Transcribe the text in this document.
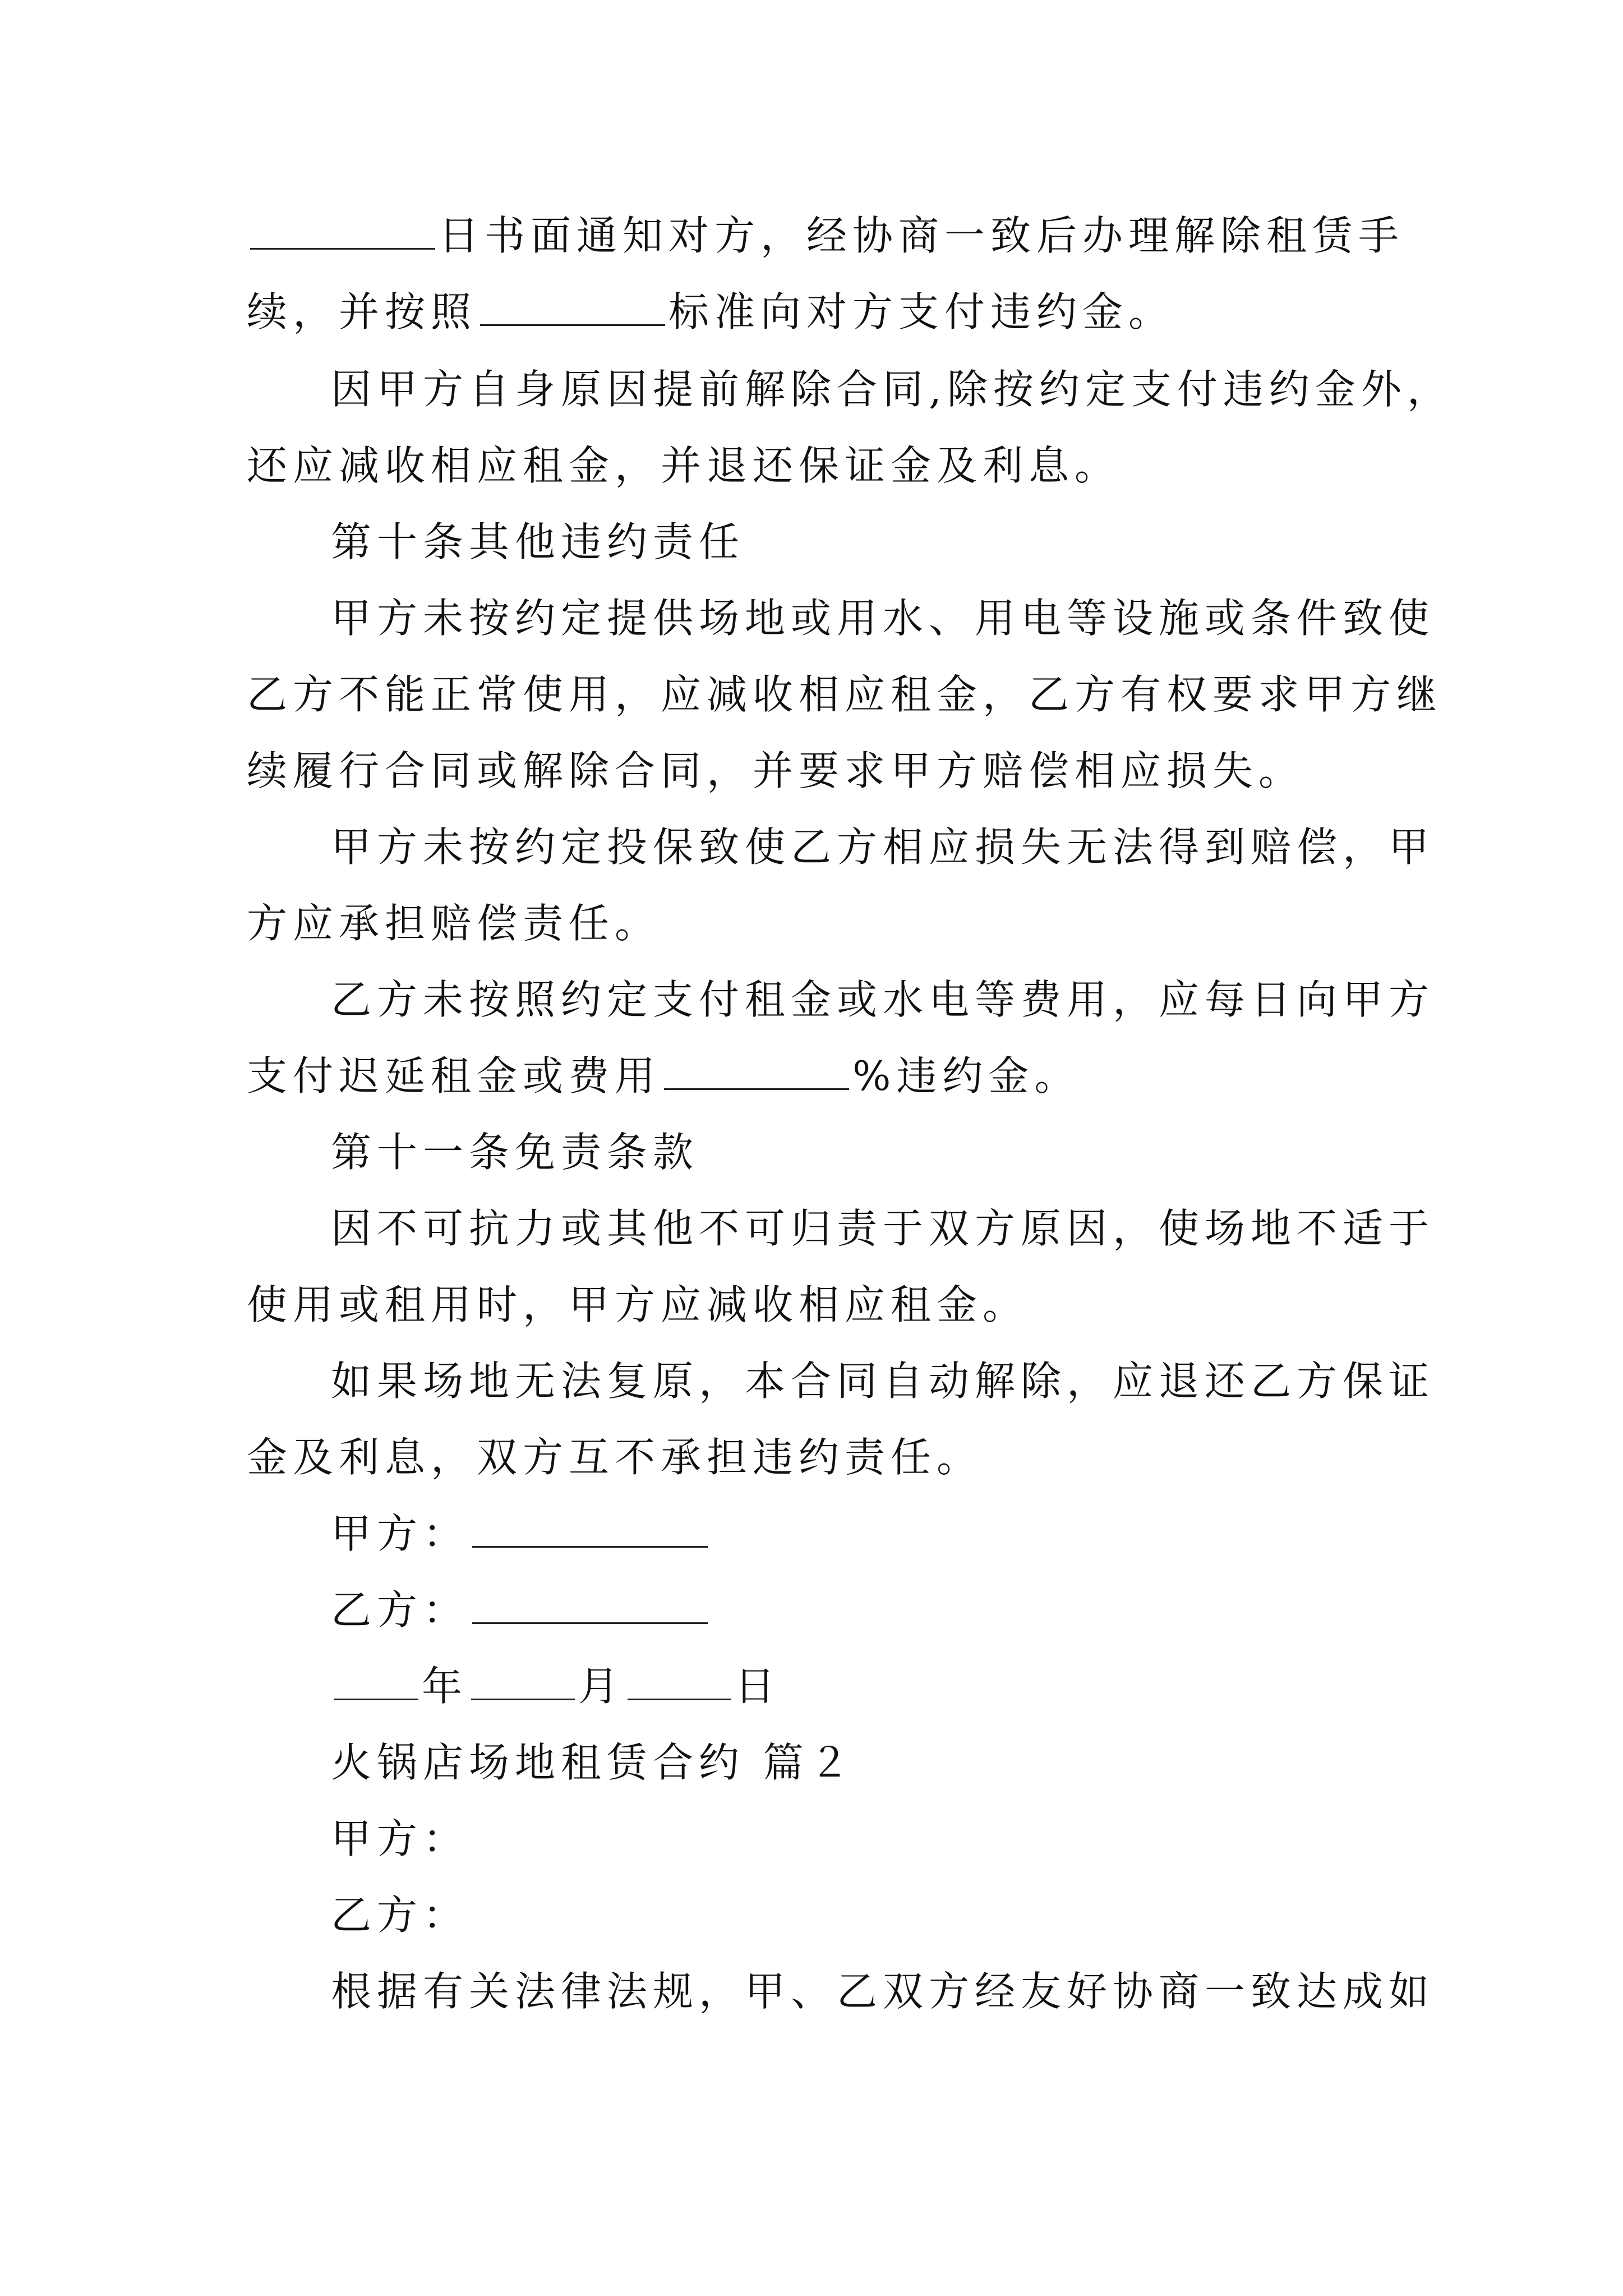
日书面通知对方，经协商一致后办理解除租赁手
续，并按照	标准向对方支付违约金。
因甲方自身原因提前解除合同,除按约定支付违约金外，
还应减收相应租金，并退还保证金及利息。
第十条其他违约责任
甲方未按约定提供场地或用水、用电等设施或条件致使
乙方不能正常使用，应减收相应租金，乙方有权要求甲方继
续履行合同或解除合同，并要求甲方赔偿相应损失。
甲方未按约定投保致使乙方相应损失无法得到赔偿，甲
方应承担赔偿责任。
乙方未按照约定支付租金或水电等费用，应每日向甲方
支付迟延租金或费用	%违约金。
第十一条免责条款
因不可抗力或其他不可归责于双方原因，使场地不适于
使用或租用时，甲方应减收相应租金。
如果场地无法复原，本合同自动解除，应退还乙方保证
金及利息，双方互不承担违约责任。
甲方：
乙方：
年	月	日
火锅店场地租赁合约 篇２
甲方：
乙方：
根据有关法律法规，甲、乙双方经友好协商一致达成如
